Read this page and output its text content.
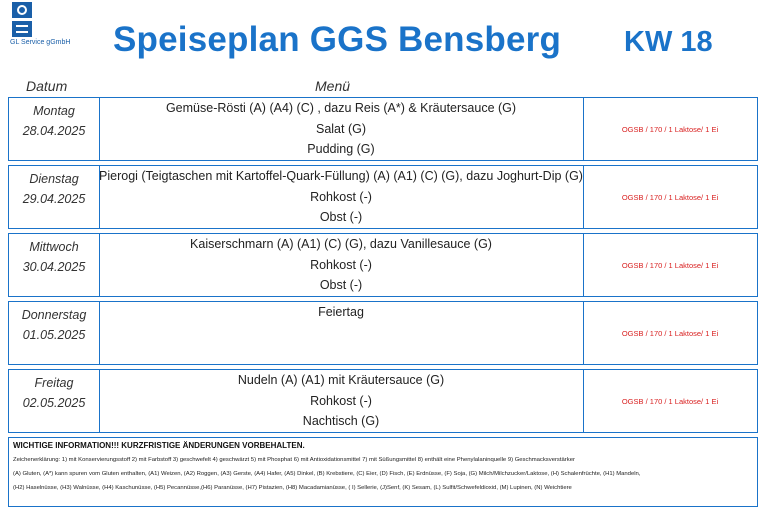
GL Service gGmbH Speiseplan GGS Bensberg KW 18
Datum	Menü
Montag
28.04.2025
Gemüse-Rösti (A) (A4) (C) , dazu Reis (A*) & Kräutersauce (G)
Salat (G)
Pudding (G)
OGSB / 170 / 1 Laktose/ 1 Ei
Dienstag
29.04.2025
Pierogi (Teigtaschen mit Kartoffel-Quark-Füllung) (A) (A1) (C) (G), dazu Joghurt-Dip (G)
Rohkost (-)
Obst (-)
OGSB / 170 / 1 Laktose/ 1 Ei
Mittwoch
30.04.2025
Kaiserschmarn (A) (A1) (C) (G), dazu Vanillesauce (G)
Rohkost (-)
Obst (-)
OGSB / 170 / 1 Laktose/ 1 Ei
Donnerstag
01.05.2025
Feiertag
OGSB / 170 / 1 Laktose/ 1 Ei
Freitag
02.05.2025
Nudeln (A) (A1) mit Kräutersauce (G)
Rohkost (-)
Nachtisch (G)
OGSB / 170 / 1 Laktose/ 1 Ei
WICHTIGE INFORMATION!!! KURZFRISTIGE ÄNDERUNGEN VORBEHALTEN.
Zeichenerklärung: 1) mit Konservierungsstoff 2) mit Farbstoff 3) geschwefelt 4) geschwärzt 5) mit Phosphat 6) mit Antioxidationsmittel 7) mit Süßungsmittel 8) enthält eine Phenylalaninquelle 9) Geschmacksverstärker
(A) Gluten, (A*) kann spuren vom Gluten enthalten, (A1) Weizen, (A2) Roggen, (A3) Gerste, (A4) Hafer, (A5) Dinkel, (B) Krebstiere, (C) Eier, (D) Fisch, (E) Erdnüsse, (F) Soja, (G) Milch/Milchzucker/Laktose, (H) Schalenfrüchte, (H1) Mandeln,
(H2) Haselnüsse, (H3) Walnüsse, (H4) Kaschunüsse, (H5) Pecannüsse,(H6) Paranüsse, (H7) Pistazien, (H8) Macadamianüsse, ( I) Sellerie, (J)Senf, (K) Sesam, (L) Sulfit/Schwefeldioxid, (M) Lupinen, (N) Weichtiere
